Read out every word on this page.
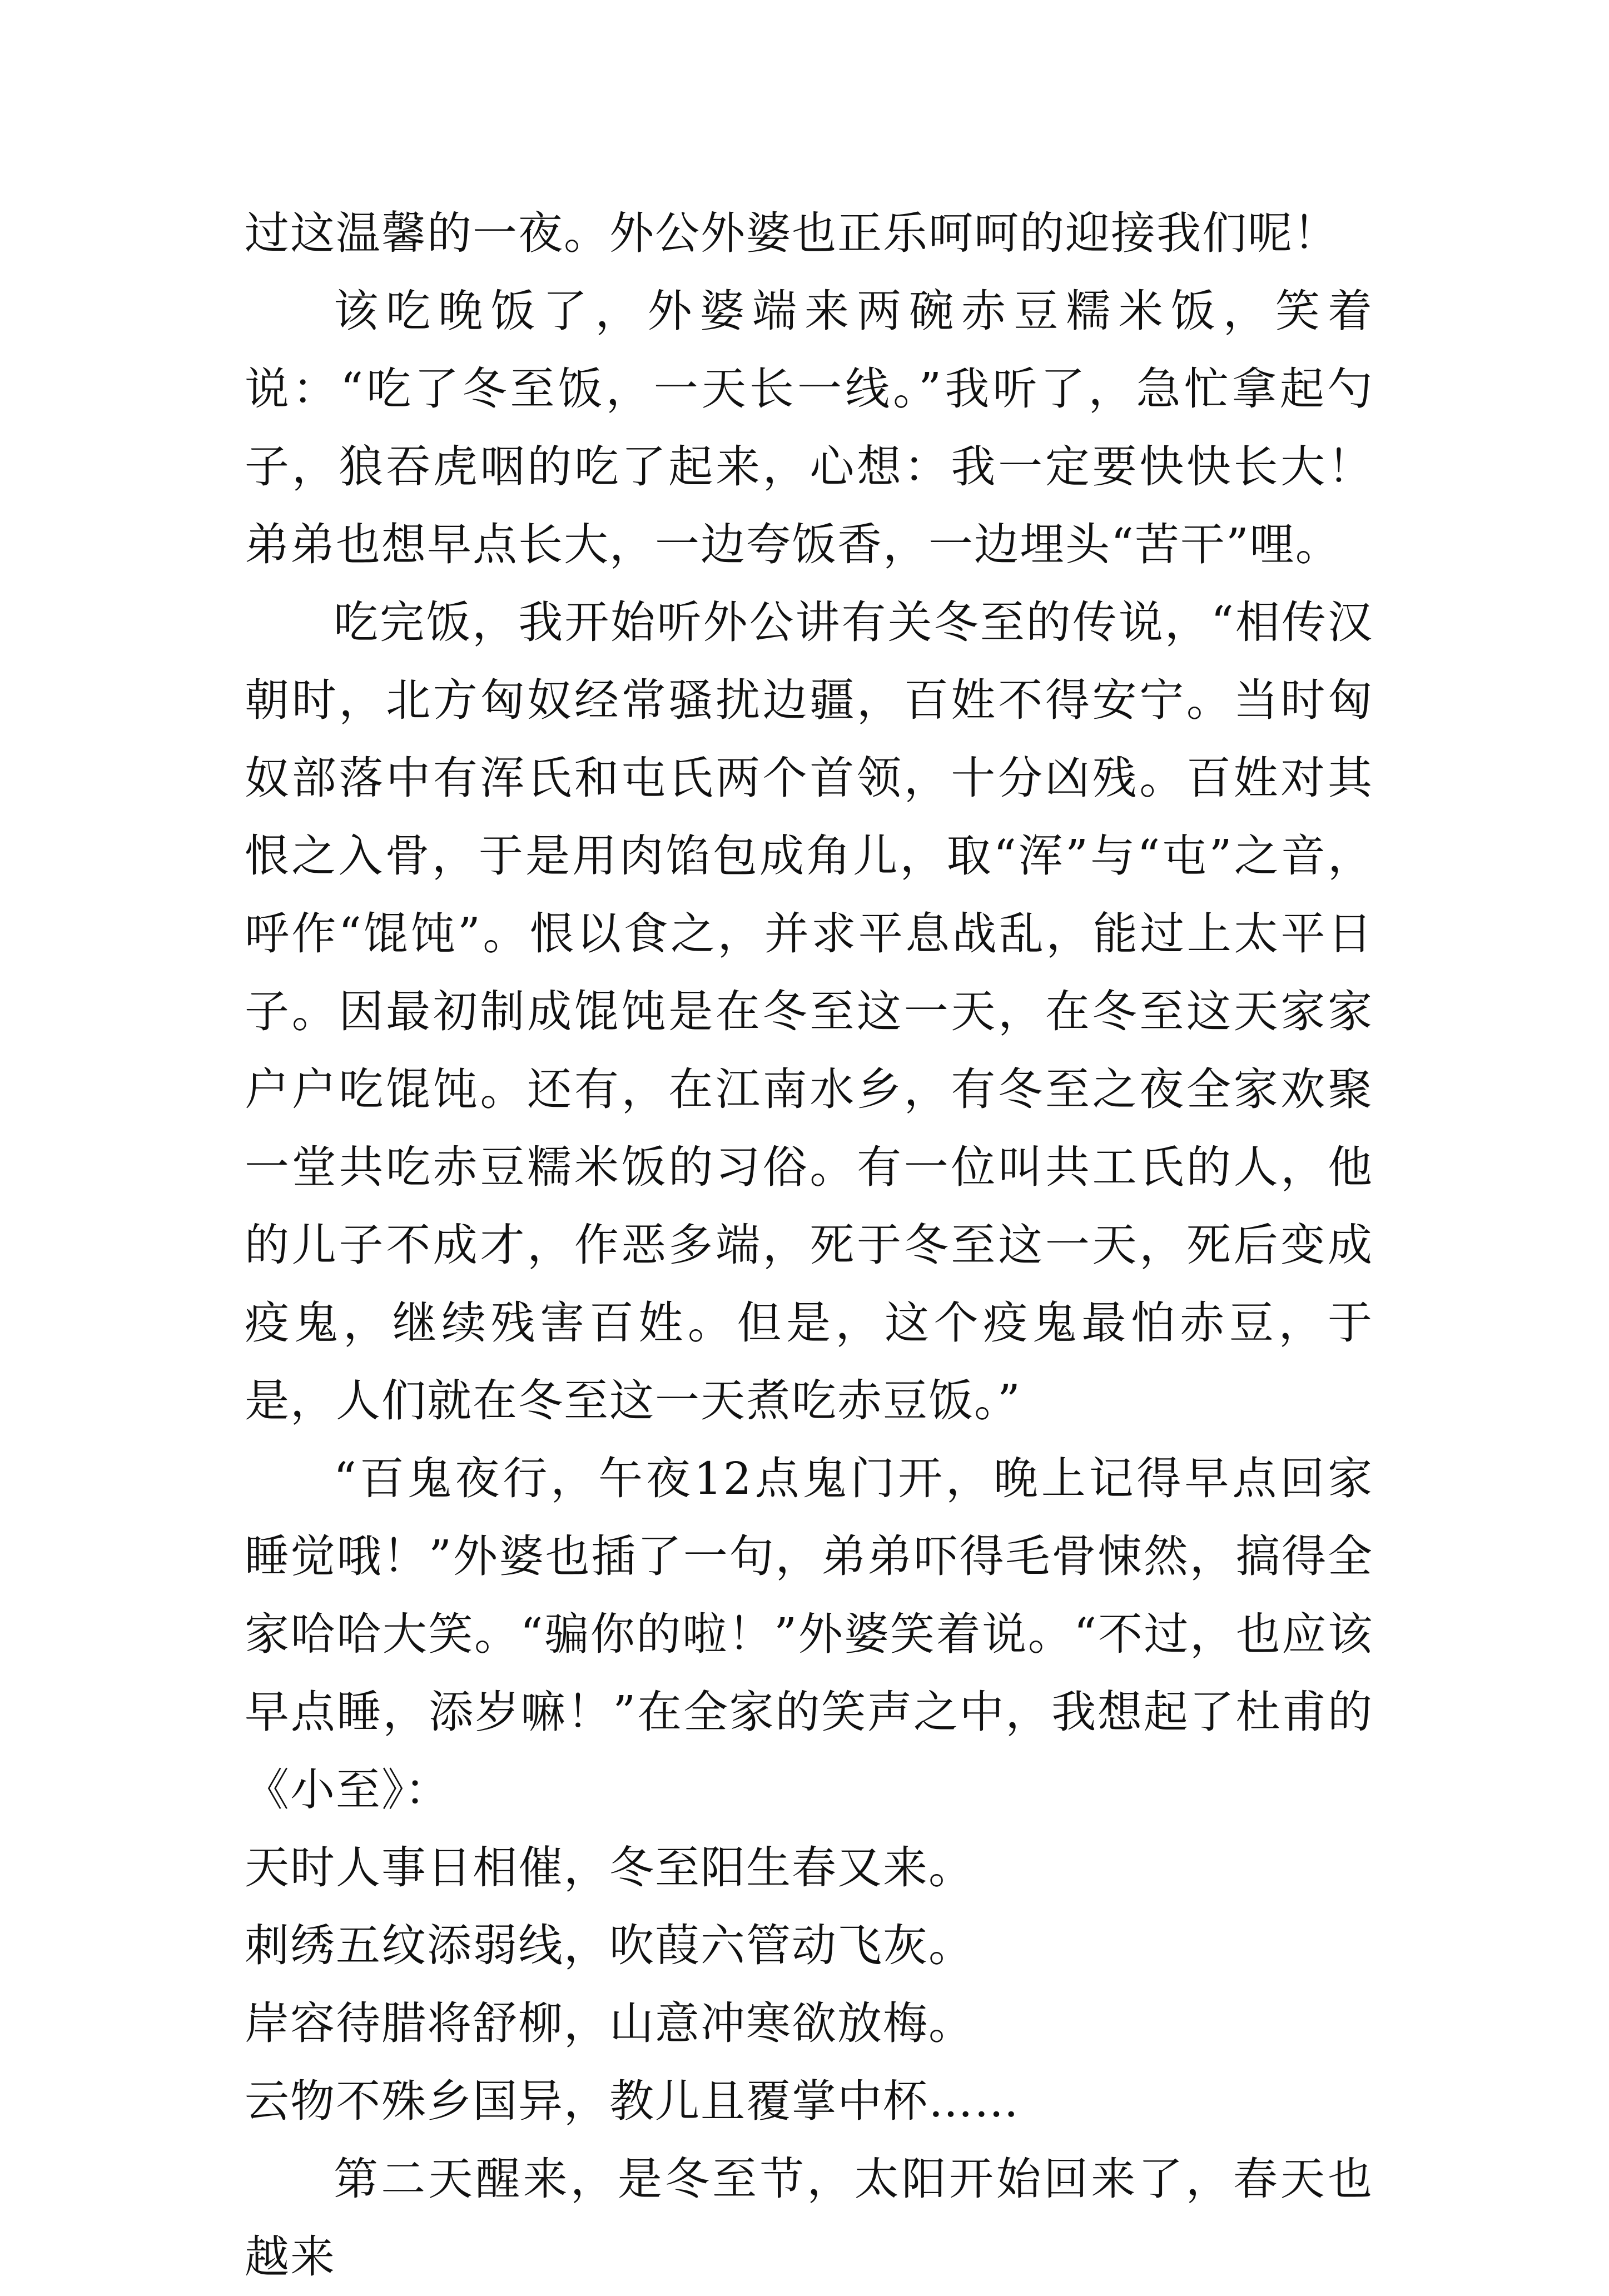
过这温馨的一夜。外公外婆也正乐呵呵的迎接我们呢！

该吃晚饭了，外婆端来两碗赤豆糯米饭，笑着说：“吃了冬至饭，一天长一线。”我听了，急忙拿起勺子，狼吞虎咽的吃了起来，心想：我一定要快快长大！弟弟也想早点长大，一边夸饭香，一边埋头“苦干”哩。

吃完饭，我开始听外公讲有关冬至的传说，“相传汉朝时，北方匈奴经常骚扰边疆，百姓不得安宁。当时匈奴部落中有浑氏和屯氏两个首领，十分凶残。百姓对其恨之入骨，于是用肉馅包成角儿，取“浑”与“屯”之音，呼作“馄饨”。恨以食之，并求平息战乱，能过上太平日子。因最初制成馄饨是在冬至这一天，在冬至这天家家户户吃馄饨。还有，在江南水乡，有冬至之夜全家欢聚一堂共吃赤豆糯米饭的习俗。有一位叫共工氏的人，他的儿子不成才，作恶多端，死于冬至这一天，死后变成疫鬼，继续残害百姓。但是，这个疫鬼最怕赤豆，于是，人们就在冬至这一天煮吃赤豆饭。”

“百鬼夜行，午夜12点鬼门开，晚上记得早点回家睡觉哦！”外婆也插了一句，弟弟吓得毛骨悚然，搞得全家哈哈大笑。“骗你的啦！”外婆笑着说。“不过，也应该早点睡，添岁嘛！”在全家的笑声之中，我想起了杜甫的《小至》：

天时人事日相催，冬至阳生春又来。

刺绣五纹添弱线，吹葭六管动飞灰。

岸容待腊将舒柳，山意冲寒欲放梅。

云物不殊乡国异，教儿且覆掌中杯……

第二天醒来，是冬至节，太阳开始回来了，春天也越来
